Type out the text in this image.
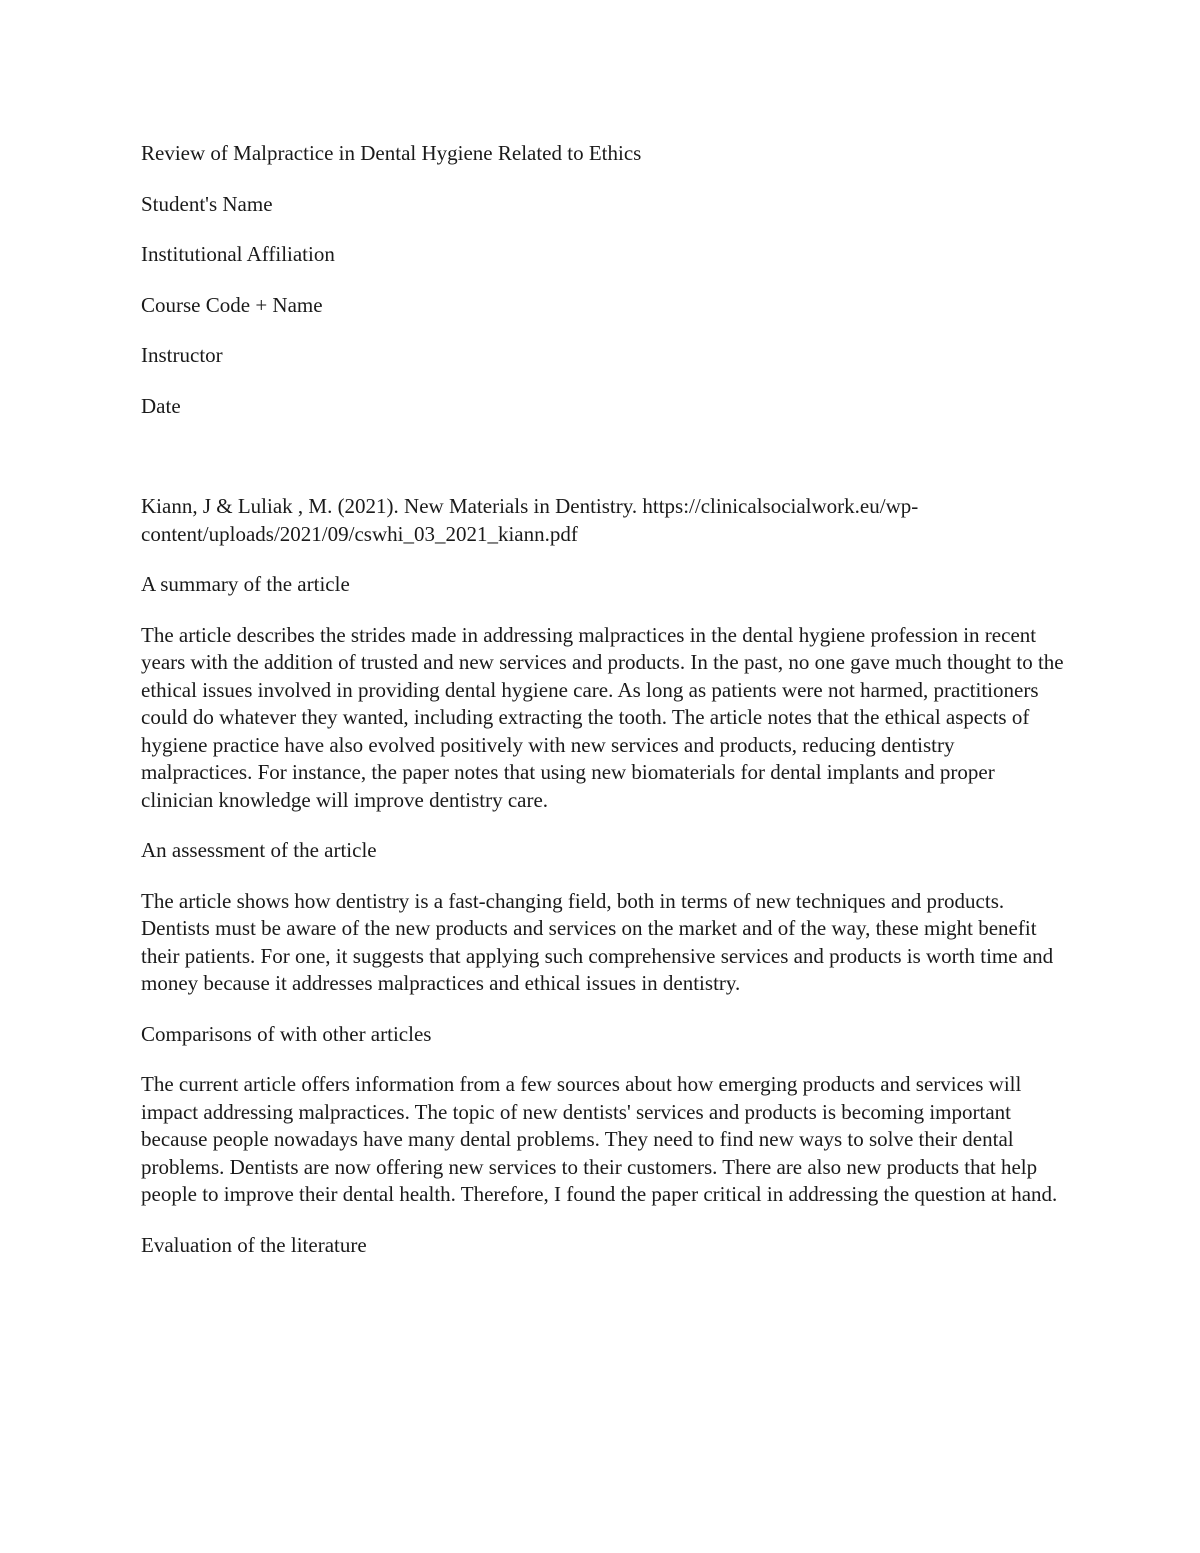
Review of Malpractice in Dental Hygiene Related to Ethics

Student's Name

Institutional Affiliation

Course Code + Name

Instructor

Date

Kiann, J & Luliak , M. (2021). New Materials in Dentistry. https://clinicalsocialwork.eu/wp-
content/uploads/2021/09/cswhi_03_2021_kiann.pdf

A summary of the article

The article describes the strides made in addressing malpractices in the dental hygiene profession in recent years with the addition of trusted and new services and products. In the past, no one gave much thought to the ethical issues involved in providing dental hygiene care. As long as patients were not harmed, practitioners could do whatever they wanted, including extracting the tooth. The article notes that the ethical aspects of hygiene practice have also evolved positively with new services and products, reducing dentistry malpractices. For instance, the paper notes that using new biomaterials for dental implants and proper clinician knowledge will improve dentistry care.

An assessment of the article

The article shows how dentistry is a fast-changing field, both in terms of new techniques and products. Dentists must be aware of the new products and services on the market and of the way, these might benefit their patients. For one, it suggests that applying such comprehensive services and products is worth time and money because it addresses malpractices and ethical issues in dentistry.

Comparisons of with other articles

The current article offers information from a few sources about how emerging products and services will impact addressing malpractices. The topic of new dentists' services and products is becoming important because people nowadays have many dental problems. They need to find new ways to solve their dental problems. Dentists are now offering new services to their customers. There are also new products that help people to improve their dental health. Therefore, I found the paper critical in addressing the question at hand.

Evaluation of the literature
